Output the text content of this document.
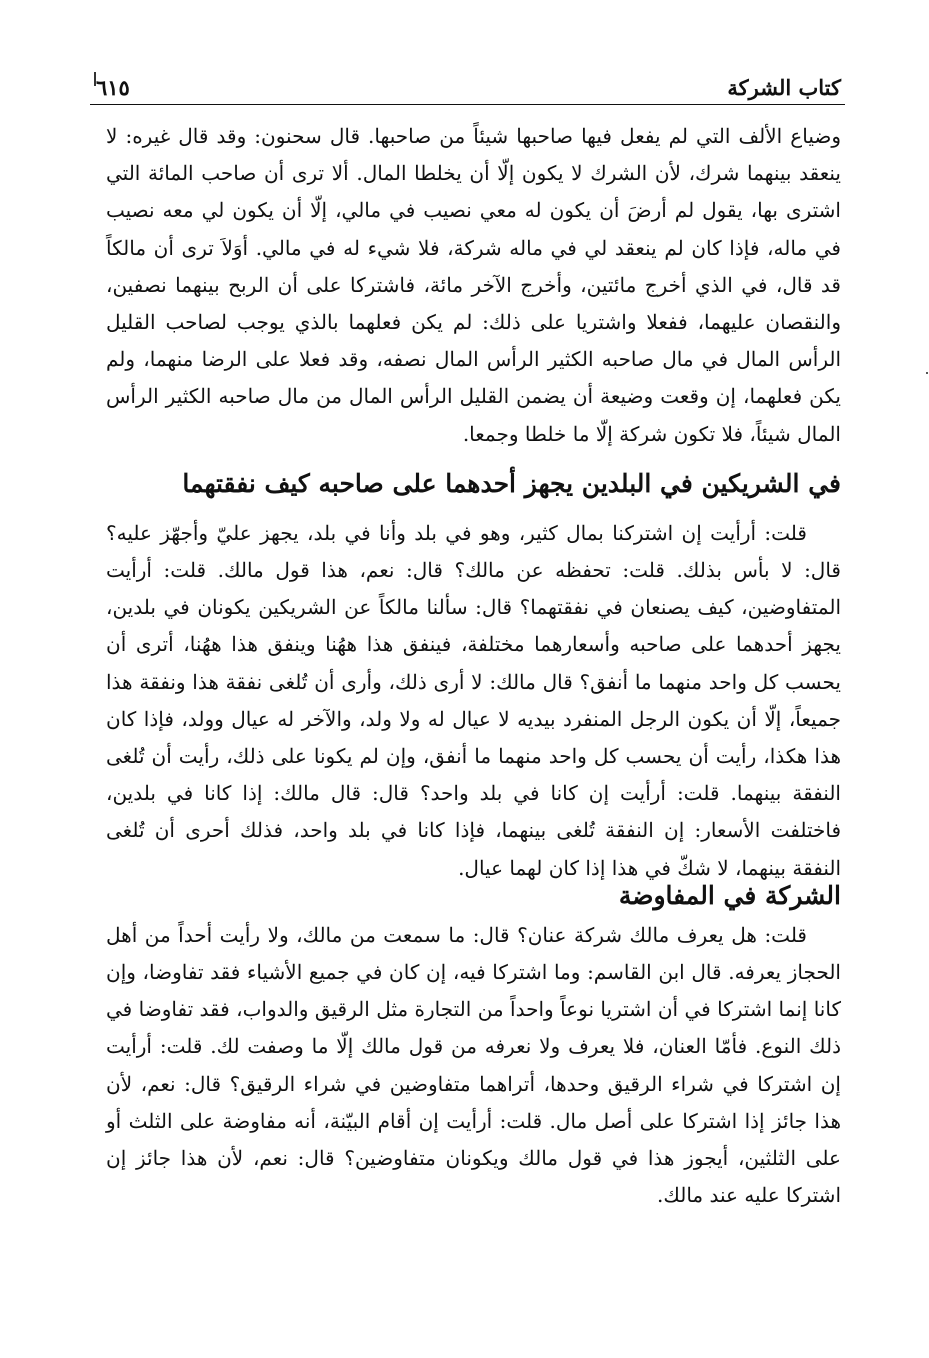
كتاب الشركة
٦١٥

وضياع الألف التي لم يفعل فيها صاحبها شيئاً من صاحبها. قال سحنون: وقد قال غيره: لا ينعقد بينهما شرك، لأن الشرك لا يكون إلّا أن يخلطا المال. ألا ترى أن صاحب المائة التي اشترى بها، يقول لم أرضَ أن يكون له معي نصيب في مالي، إلّا أن يكون لي معه نصيب في ماله، فإذا كان لم ينعقد لي في ماله شركة، فلا شيء له في مالي. أوَلاَ ترى أن مالكاً قد قال، في الذي أخرج مائتين، وأخرج الآخر مائة، فاشتركا على أن الربح بينهما نصفين، والنقصان عليهما، ففعلا واشتريا على ذلك: لم يكن فعلهما بالذي يوجب لصاحب القليل الرأس المال في مال صاحبه الكثير الرأس المال نصفه، وقد فعلا على الرضا منهما، ولم يكن فعلهما، إن وقعت وضيعة أن يضمن القليل الرأس المال من مال صاحبه الكثير الرأس المال شيئاً، فلا تكون شركة إلّا ما خلطا وجمعا.

في الشريكين في البلدين يجهز أحدهما على صاحبه كيف نفقتهما

قلت: أرأيت إن اشتركنا بمال كثير، وهو في بلد وأنا في بلد، يجهز عليّ وأجهّز عليه؟ قال: لا بأس بذلك. قلت: تحفظه عن مالك؟ قال: نعم، هذا قول مالك. قلت: أرأيت المتفاوضين، كيف يصنعان في نفقتهما؟ قال: سألنا مالكاً عن الشريكين يكونان في بلدين، يجهز أحدهما على صاحبه وأسعارهما مختلفة، فينفق هذا ههُنا وينفق هذا ههُنا، أترى أن يحسب كل واحد منهما ما أنفق؟ قال مالك: لا أرى ذلك، وأرى أن تُلغى نفقة هذا ونفقة هذا جميعاً، إلّا أن يكون الرجل المنفرد بيديه لا عيال له ولا ولد، والآخر له عيال وولد، فإذا كان هذا هكذا، رأيت أن يحسب كل واحد منهما ما أنفق، وإن لم يكونا على ذلك، رأيت أن تُلغى النفقة بينهما. قلت: أرأيت إن كانا في بلد واحد؟ قال: قال مالك: إذا كانا في بلدين، فاختلفت الأسعار: إن النفقة تُلغى بينهما، فإذا كانا في بلد واحد، فذلك أحرى أن تُلغى النفقة بينهما، لا شكّ في هذا إذا كان لهما عيال.

الشركة في المفاوضة

قلت: هل يعرف مالك شركة عنان؟ قال: ما سمعت من مالك، ولا رأيت أحداً من أهل الحجاز يعرفه. قال ابن القاسم: وما اشتركا فيه، إن كان في جميع الأشياء فقد تفاوضا، وإن كانا إنما اشتركا في أن اشتريا نوعاً واحداً من التجارة مثل الرقيق والدواب، فقد تفاوضا في ذلك النوع. فأمّا العنان، فلا يعرف ولا نعرفه من قول مالك إلّا ما وصفت لك. قلت: أرأيت إن اشتركا في شراء الرقيق وحدها، أتراهما متفاوضين في شراء الرقيق؟ قال: نعم، لأن هذا جائز إذا اشتركا على أصل مال. قلت: أرأيت إن أقام البيّنة، أنه مفاوضة على الثلث أو على الثلثين، أيجوز هذا في قول مالك ويكونان متفاوضين؟ قال: نعم، لأن هذا جائز إن اشتركا عليه عند مالك.
